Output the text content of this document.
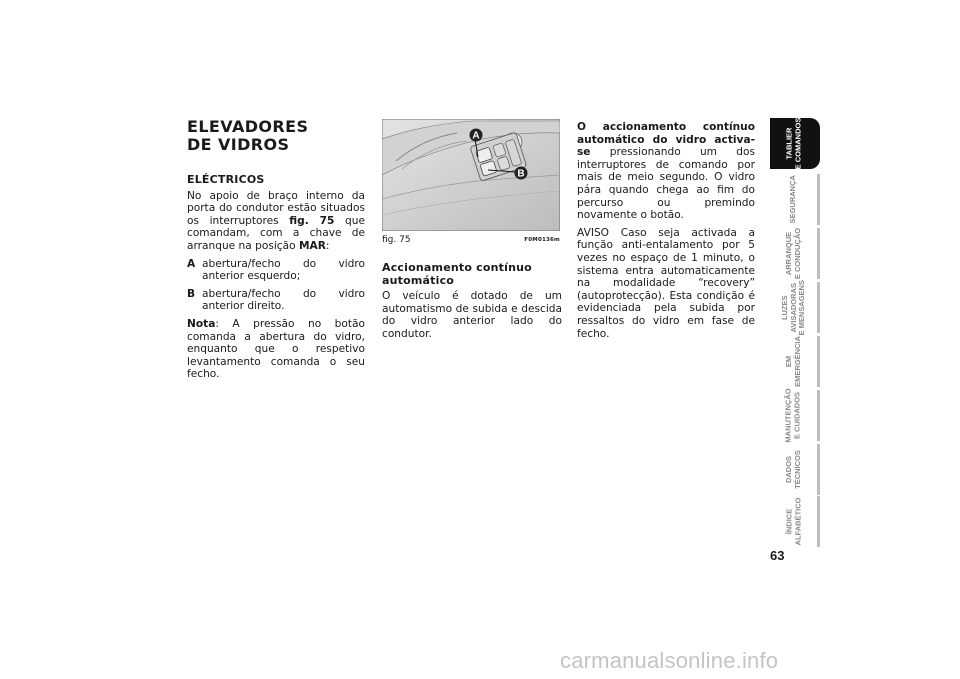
ELEVADORES
DE VIDROS
ELÉCTRICOS

No apoio de braço interno da porta do condutor estão situados os interruptores fig. 75 que comandam, com a chave de arranque na posição MAR:

A abertura/fecho do vidro anterior esquerdo;
B abertura/fecho do vidro anterior direito.

Nota: A pressão no botão comanda a abertura do vidro, enquanto que o respetivo levantamento comanda o seu fecho.

A
B
fig. 75	F0M0136m
Accionamento contínuo automático

O veículo é dotado de um automatismo de subida e descida do vidro anterior lado do condutor.

O accionamento contínuo automático do vidro activa-se pressionando um dos interruptores de comando por mais de meio segundo. O vidro pára quando chega ao fim do percurso ou premindo novamente o botão.

AVISO Caso seja activada a função anti-entalamento por 5 vezes no espaço de 1 minuto, o sistema entra automaticamente na modalidade “recovery” (autoprotecção). Esta condição é evidenciada pela subida por ressaltos do vidro em fase de fecho.

TABLIER
E COMANDOS
SEGURANÇA
ARRANQUE
E CONDUÇÃO
LUZES
AVISADORAS
E MENSAGENS
EM
EMERGÊNCIA
MANUTENÇÃO
E CUIDADOS
DADOS
TÉCNICOS
ÍNDICE
ALFABÉTICO
63
carmanualsonline.info
